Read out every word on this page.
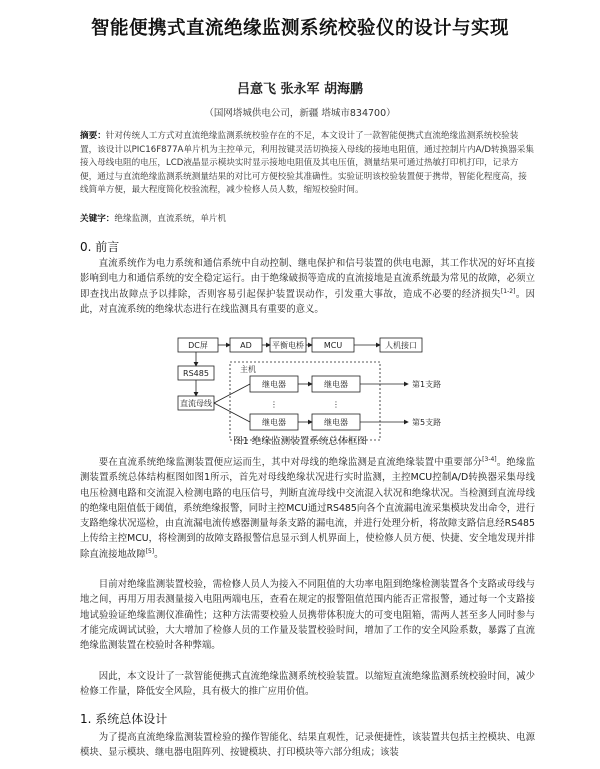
智能便携式直流绝缘监测系统校验仪的设计与实现
吕意飞 张永军 胡海鹏
（国网塔城供电公司，新疆 塔城市834700）
摘要：针对传统人工方式对直流绝缘监测系统校验存在的不足，本文设计了一款智能便携式直流绝缘监测系统校验装置，该设计以PIC16F877A单片机为主控单元，利用按键灵活切换接入母线的接地电阻值，通过控制片内A/D转换器采集接入母线电阻的电压，LCD液晶显示模块实时显示接地电阻值及其电压值，测量结果可通过热敏打印机打印，记录方便，通过与直流绝缘监测系统测量结果的对比可方便校验其准确性。实验证明该校验装置便于携带，智能化程度高，接线简单方便，最大程度简化校验流程，减少检修人员人数，缩短校验时间。
关键字：绝缘监测，直流系统，单片机
0. 前言
直流系统作为电力系统和通信系统中自动控制、继电保护和信号装置的供电电源，其工作状况的好坏直接影响到电力和通信系统的安全稳定运行。由于绝缘破损等造成的直流接地是直流系统最为常见的故障，必须立即查找出故障点予以排除，否则容易引起保护装置误动作，引发重大事故，造成不必要的经济损失[1-2]。因此，对直流系统的绝缘状态进行在线监测具有重要的意义。
DC屏	AD	平衡电桥 MCU	人机接口
RS485
直流母线
继电器	继电器
继电器	继电器
⋮	⋮
主机
第1支路
第5支路
图1 绝缘监测装置系统总体框图
要在直流系统绝缘监测装置便应运而生，其中对母线的绝缘监测是直流绝缘装置中重要部分[3-4]。绝缘监测装置系统总体结构框图如图1所示，首先对母线绝缘状况进行实时监测，主控MCU控制A/D转换器采集母线电压检测电路和交流混入检测电路的电压信号，判断直流母线中交流混入状况和绝缘状况。当检测到直流母线的绝缘电阻值低于阈值，系统绝缘报警，同时主控MCU通过RS485向各个直流漏电流采集模块发出命令，进行支路绝缘状况巡检，由直流漏电流传感器测量每条支路的漏电流，并进行处理分析，将故障支路信息经RS485上传给主控MCU，将检测到的故障支路报警信息显示到人机界面上，使检修人员方便、快捷、安全地发现并排除直流接地故障[5]。
目前对绝缘监测装置校验，需检修人员人为接入不同阻值的大功率电阻到绝缘检测装置各个支路或母线与地之间，再用万用表测量接入电阻两端电压，查看在规定的报警阻值范围内能否正常报警，通过每一个支路接地试验验证绝缘监测仪准确性；这种方法需要校验人员携带体积庞大的可变电阻箱，需两人甚至多人同时参与才能完成调试试验，大大增加了检修人员的工作量及装置校验时间，增加了工作的安全风险系数，暴露了直流绝缘监测装置在校验时各种弊端。
因此，本文设计了一款智能便携式直流绝缘监测系统校验装置。以缩短直流绝缘监测系统校验时间，减少检修工作量，降低安全风险，具有极大的推广应用价值。
1. 系统总体设计
为了提高直流绝缘监测装置检验的操作智能化、结果直观性，记录便捷性，该装置共包括主控模块、电源模块、显示模块、继电器电阻阵列、按键模块、打印模块等六部分组成；该装
